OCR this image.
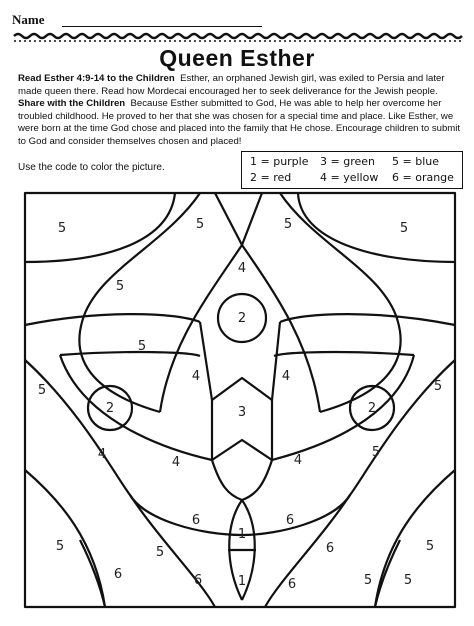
Name
Queen Esther
Read Esther 4:9-14 to the Children Esther, an orphaned Jewish girl, was exiled to Persia and later made queen there. Read how Mordecai encouraged her to seek deliverance for the Jewish people.
Share with the Children Because Esther submitted to God, He was able to help her overcome her troubled childhood. He proved to her that she was chosen for a special time and place. Like Esther, we were born at the time God chose and placed into the family that He chose. Encourage children to submit to God and consider themselves chosen and placed!
Use the code to color the picture.	1 = purple 3 = green 5 = blue
2 = red	4 = yellow 6 = orange
5	5	5	5
4
5
2
5
4	4
5	5
2	3	2
4	4
4	5
5
6	6
1
5
5
6	6	1	6	5 5
6
